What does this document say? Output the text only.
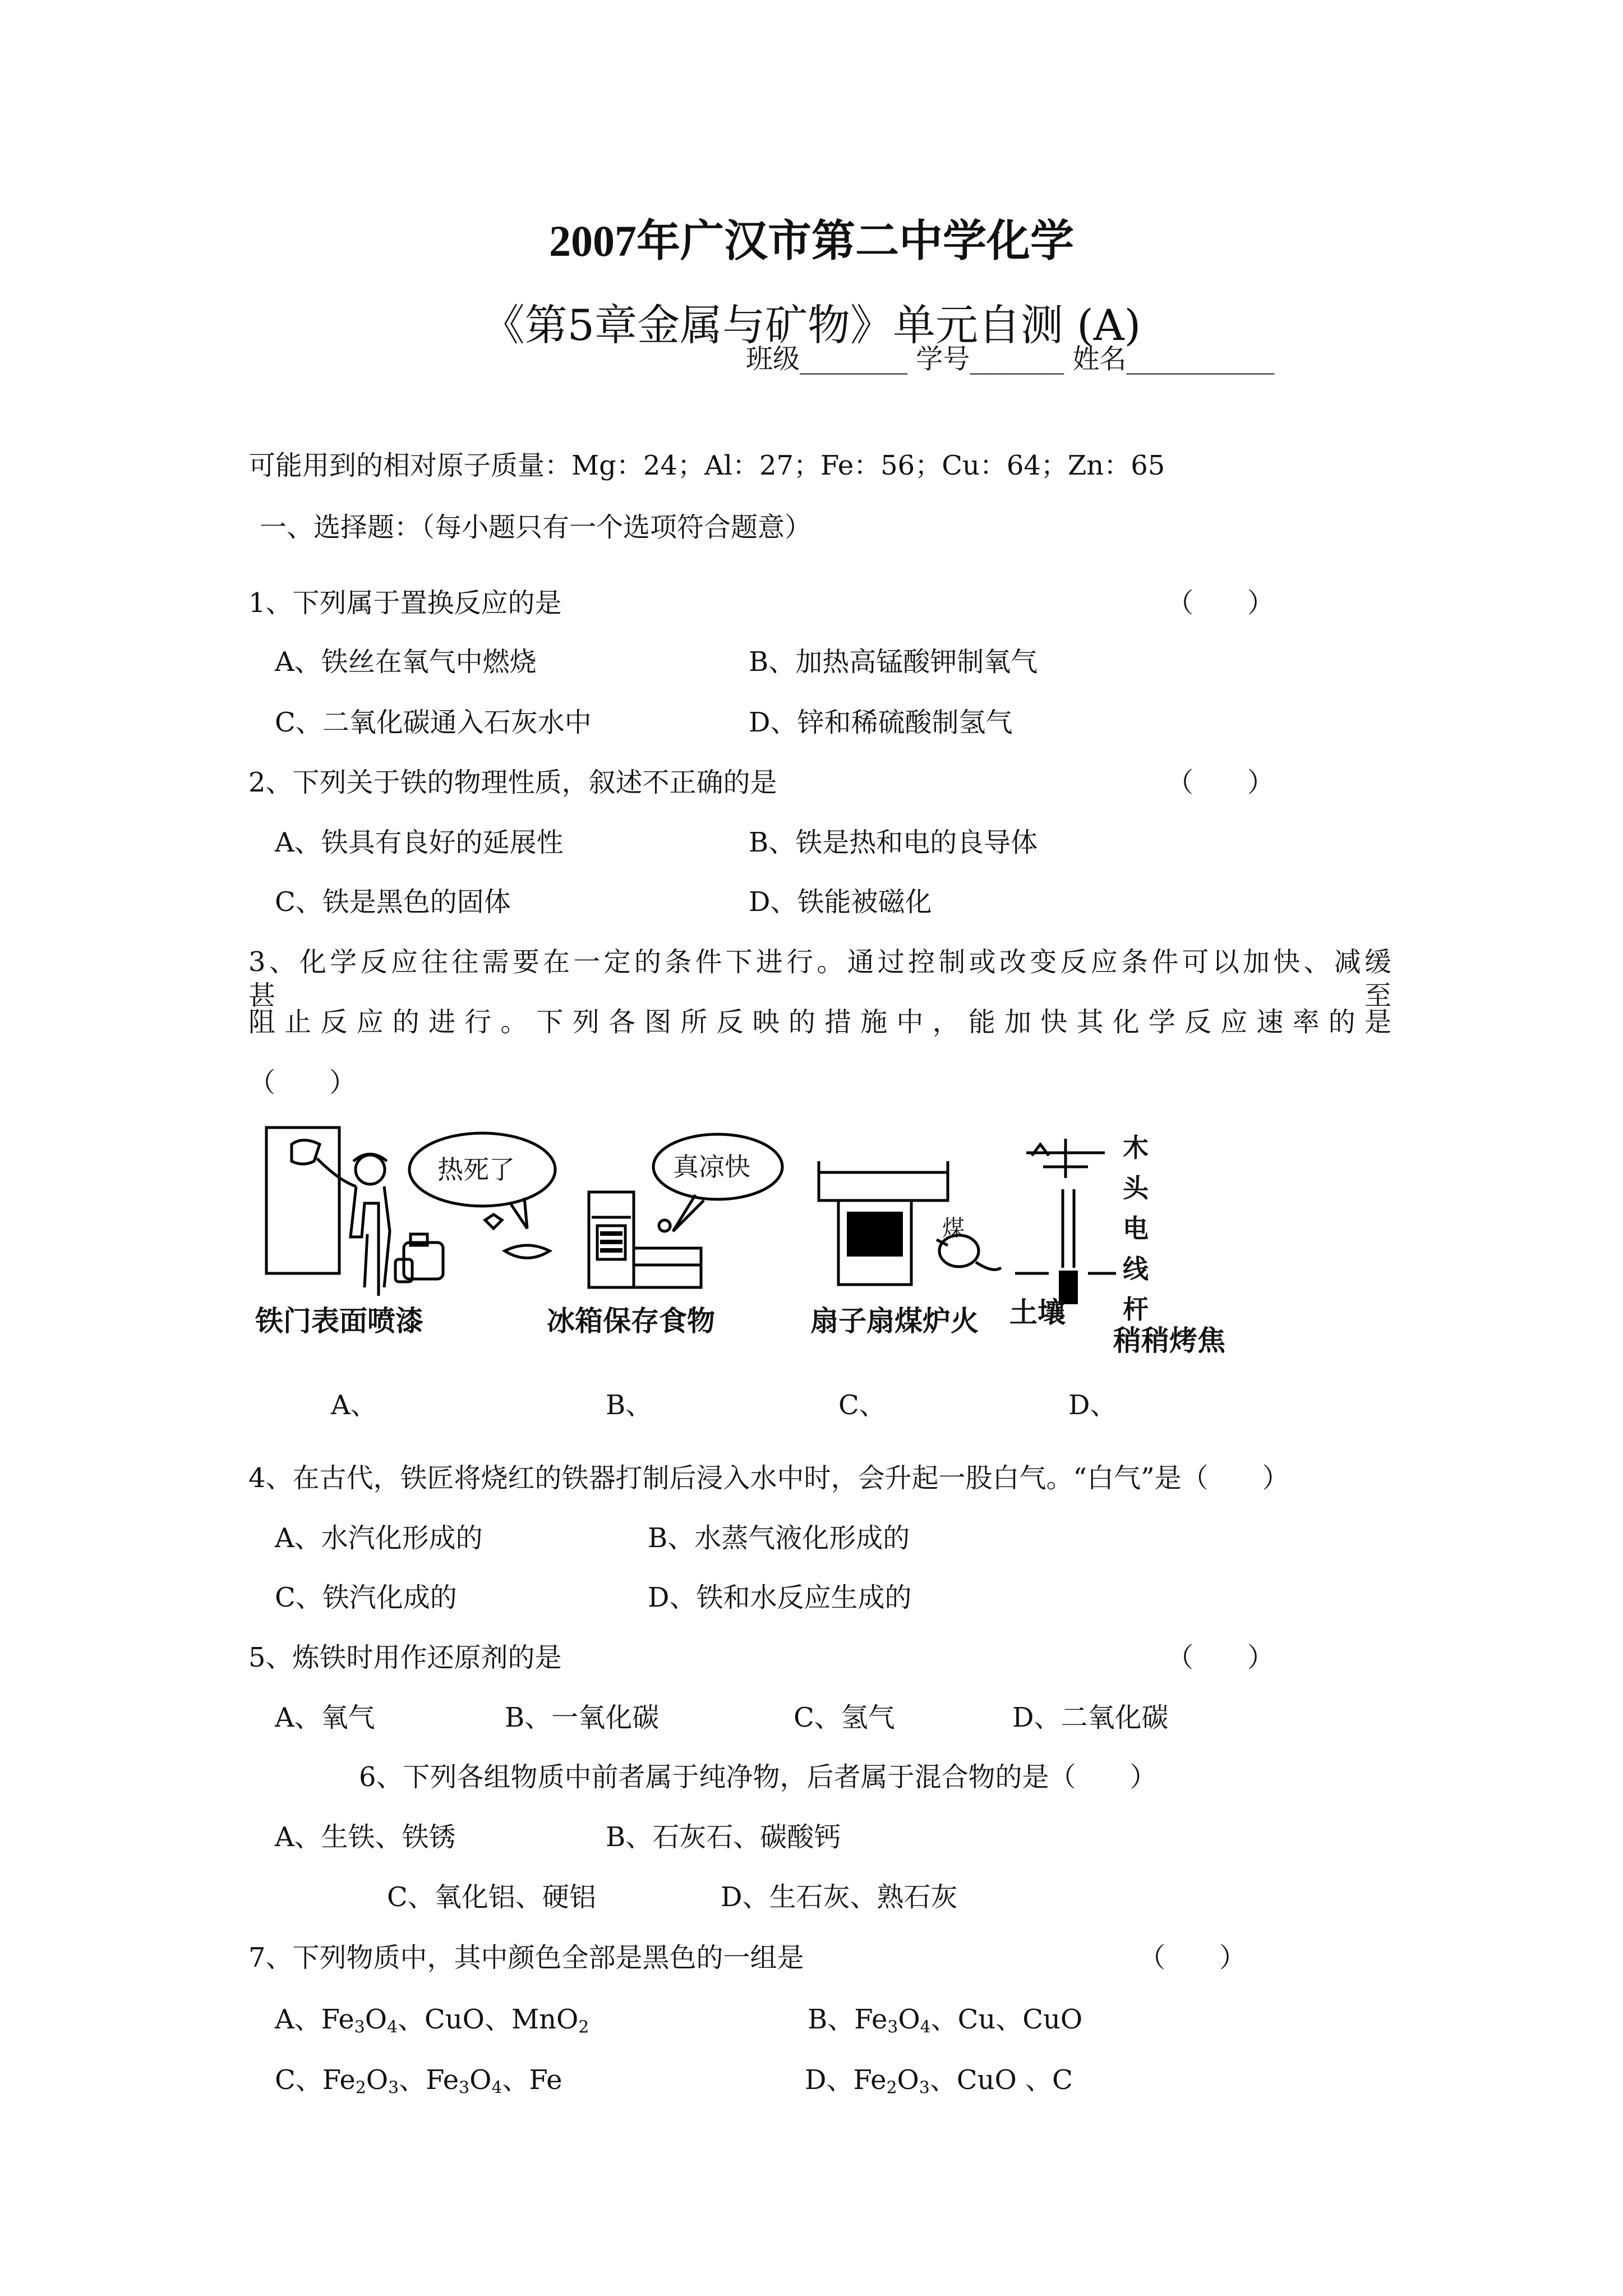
2007年广汉市第二中学化学
《第5章金属与矿物》单元自测 (A)
班级________ 学号_______ 姓名___________
可能用到的相对原子质量：Mg：24；Al：27；Fe：56；Cu：64；Zn：65
一、选择题：（每小题只有一个选项符合题意）
1、下列属于置换反应的是	（　　）
A、铁丝在氧气中燃烧	B、加热高锰酸钾制氧气
C、二氧化碳通入石灰水中	D、锌和稀硫酸制氢气
2、下列关于铁的物理性质，叙述不正确的是	（　　）
A、铁具有良好的延展性	B、铁是热和电的良导体
C、铁是黑色的固体	D、铁能被磁化
3、化学反应往往需要在一定的条件下进行。通过控制或改变反应条件可以加快、减缓甚至
阻止反应的进行。下列各图所反映的措施中，能加快其化学反应速率的是
（　　）
铁门表面喷漆
热死了	真凉快
冰箱保存食物
煤
扇子扇煤炉火
木
头
电
线
杆
土壤
稍稍烤焦
A、	B、	C、	D、
4、在古代，铁匠将烧红的铁器打制后浸入水中时，会升起一股白气。“白气”是（　　）
A、水汽化形成的	B、水蒸气液化形成的
C、铁汽化成的	D、铁和水反应生成的
5、炼铁时用作还原剂的是	（　　）
A、氧气	B、一氧化碳	C、氢气	D、二氧化碳
6、下列各组物质中前者属于纯净物，后者属于混合物的是（　　）
A、生铁、铁锈	B、石灰石、碳酸钙
C、氧化铝、硬铝	D、生石灰、熟石灰
7、下列物质中，其中颜色全部是黑色的一组是	（　　）
A、$Fe_3O_4$、CuO、MnO$_2$	B、$Fe_3O_4$、Cu、CuO
C、$Fe_2O_3$、$Fe_3O_4$、Fe	D、$Fe_2O_3$、CuO 、C
